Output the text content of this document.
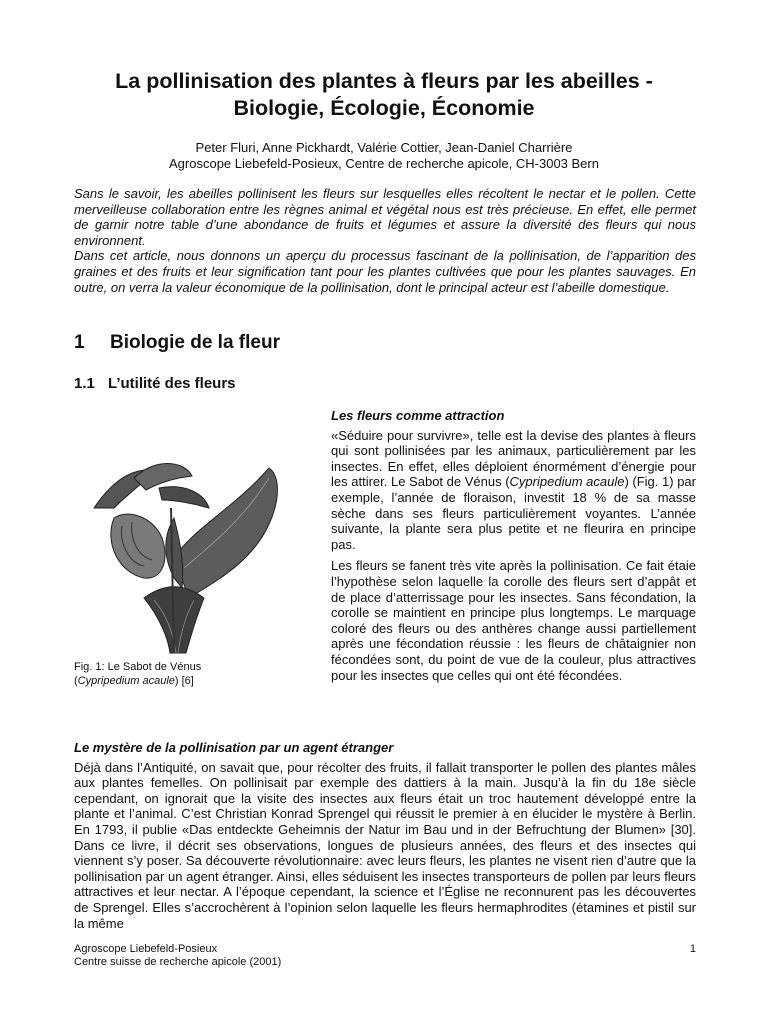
La pollinisation des plantes à fleurs par les abeilles -
Biologie, Écologie, Économie
Peter Fluri, Anne Pickhardt, Valérie Cottier, Jean-Daniel Charrière
Agroscope Liebefeld-Posieux, Centre de recherche apicole, CH-3003 Bern

Sans le savoir, les abeilles pollinisent les fleurs sur lesquelles elles récoltent le nectar et le pollen. Cette merveilleuse collaboration entre les règnes animal et végétal nous est très précieuse. En effet, elle permet de garnir notre table d’une abondance de fruits et légumes et assure la diversité des fleurs qui nous environnent.

Dans cet article, nous donnons un aperçu du processus fascinant de la pollinisation, de l’apparition des graines et des fruits et leur signification tant pour les plantes cultivées que pour les plantes sauvages. En outre, on verra la valeur économique de la pollinisation, dont le principal acteur est l’abeille domestique.

1 Biologie de la fleur
1.1 L’utilité des fleurs
Fig. 1: Le Sabot de Vénus
(Cypripedium acaule) [6]

Les fleurs comme attraction

«Séduire pour survivre», telle est la devise des plantes à fleurs qui sont pollinisées par les animaux, particulièrement par les insectes. En effet, elles déploient énormément d’énergie pour les attirer. Le Sabot de Vénus (Cypripedium acaule) (Fig. 1) par exemple, l’année de floraison, investit 18 % de sa masse sèche dans ses fleurs particulièrement voyantes. L’année suivante, la plante sera plus petite et ne fleurira en principe pas.

Les fleurs se fanent très vite après la pollinisation. Ce fait étaie l’hypothèse selon laquelle la corolle des fleurs sert d’appât et de place d’atterrissage pour les insectes. Sans fécondation, la corolle se maintient en principe plus longtemps. Le marquage coloré des fleurs ou des anthères change aussi partiellement après une fécondation réussie : les fleurs de châtaignier non fécondées sont, du point de vue de la couleur, plus attractives pour les insectes que celles qui ont été fécondées.

Le mystère de la pollinisation par un agent étranger

Déjà dans l’Antiquité, on savait que, pour récolter des fruits, il fallait transporter le pollen des plantes mâles aux plantes femelles. On pollinisait par exemple des dattiers à la main. Jusqu’à la fin du 18e siècle cependant, on ignorait que la visite des insectes aux fleurs était un troc hautement développé entre la plante et l’animal. C’est Christian Konrad Sprengel qui réussit le premier à en élucider le mystère à Berlin. En 1793, il publie «Das entdeckte Geheimnis der Natur im Bau und in der Befruchtung der Blumen» [30]. Dans ce livre, il décrit ses observations, longues de plusieurs années, des fleurs et des insectes qui viennent s’y poser. Sa découverte révolutionnaire: avec leurs fleurs, les plantes ne visent rien d’autre que la pollinisation par un agent étranger. Ainsi, elles séduisent les insectes transporteurs de pollen par leurs fleurs attractives et leur nectar. A l’époque cependant, la science et l’Église ne reconnurent pas les découvertes de Sprengel. Elles s’accrochèrent à l’opinion selon laquelle les fleurs hermaphrodites (étamines et pistil sur la même

Agroscope Liebefeld-Posieux
Centre suisse de recherche apicole (2001)
1
